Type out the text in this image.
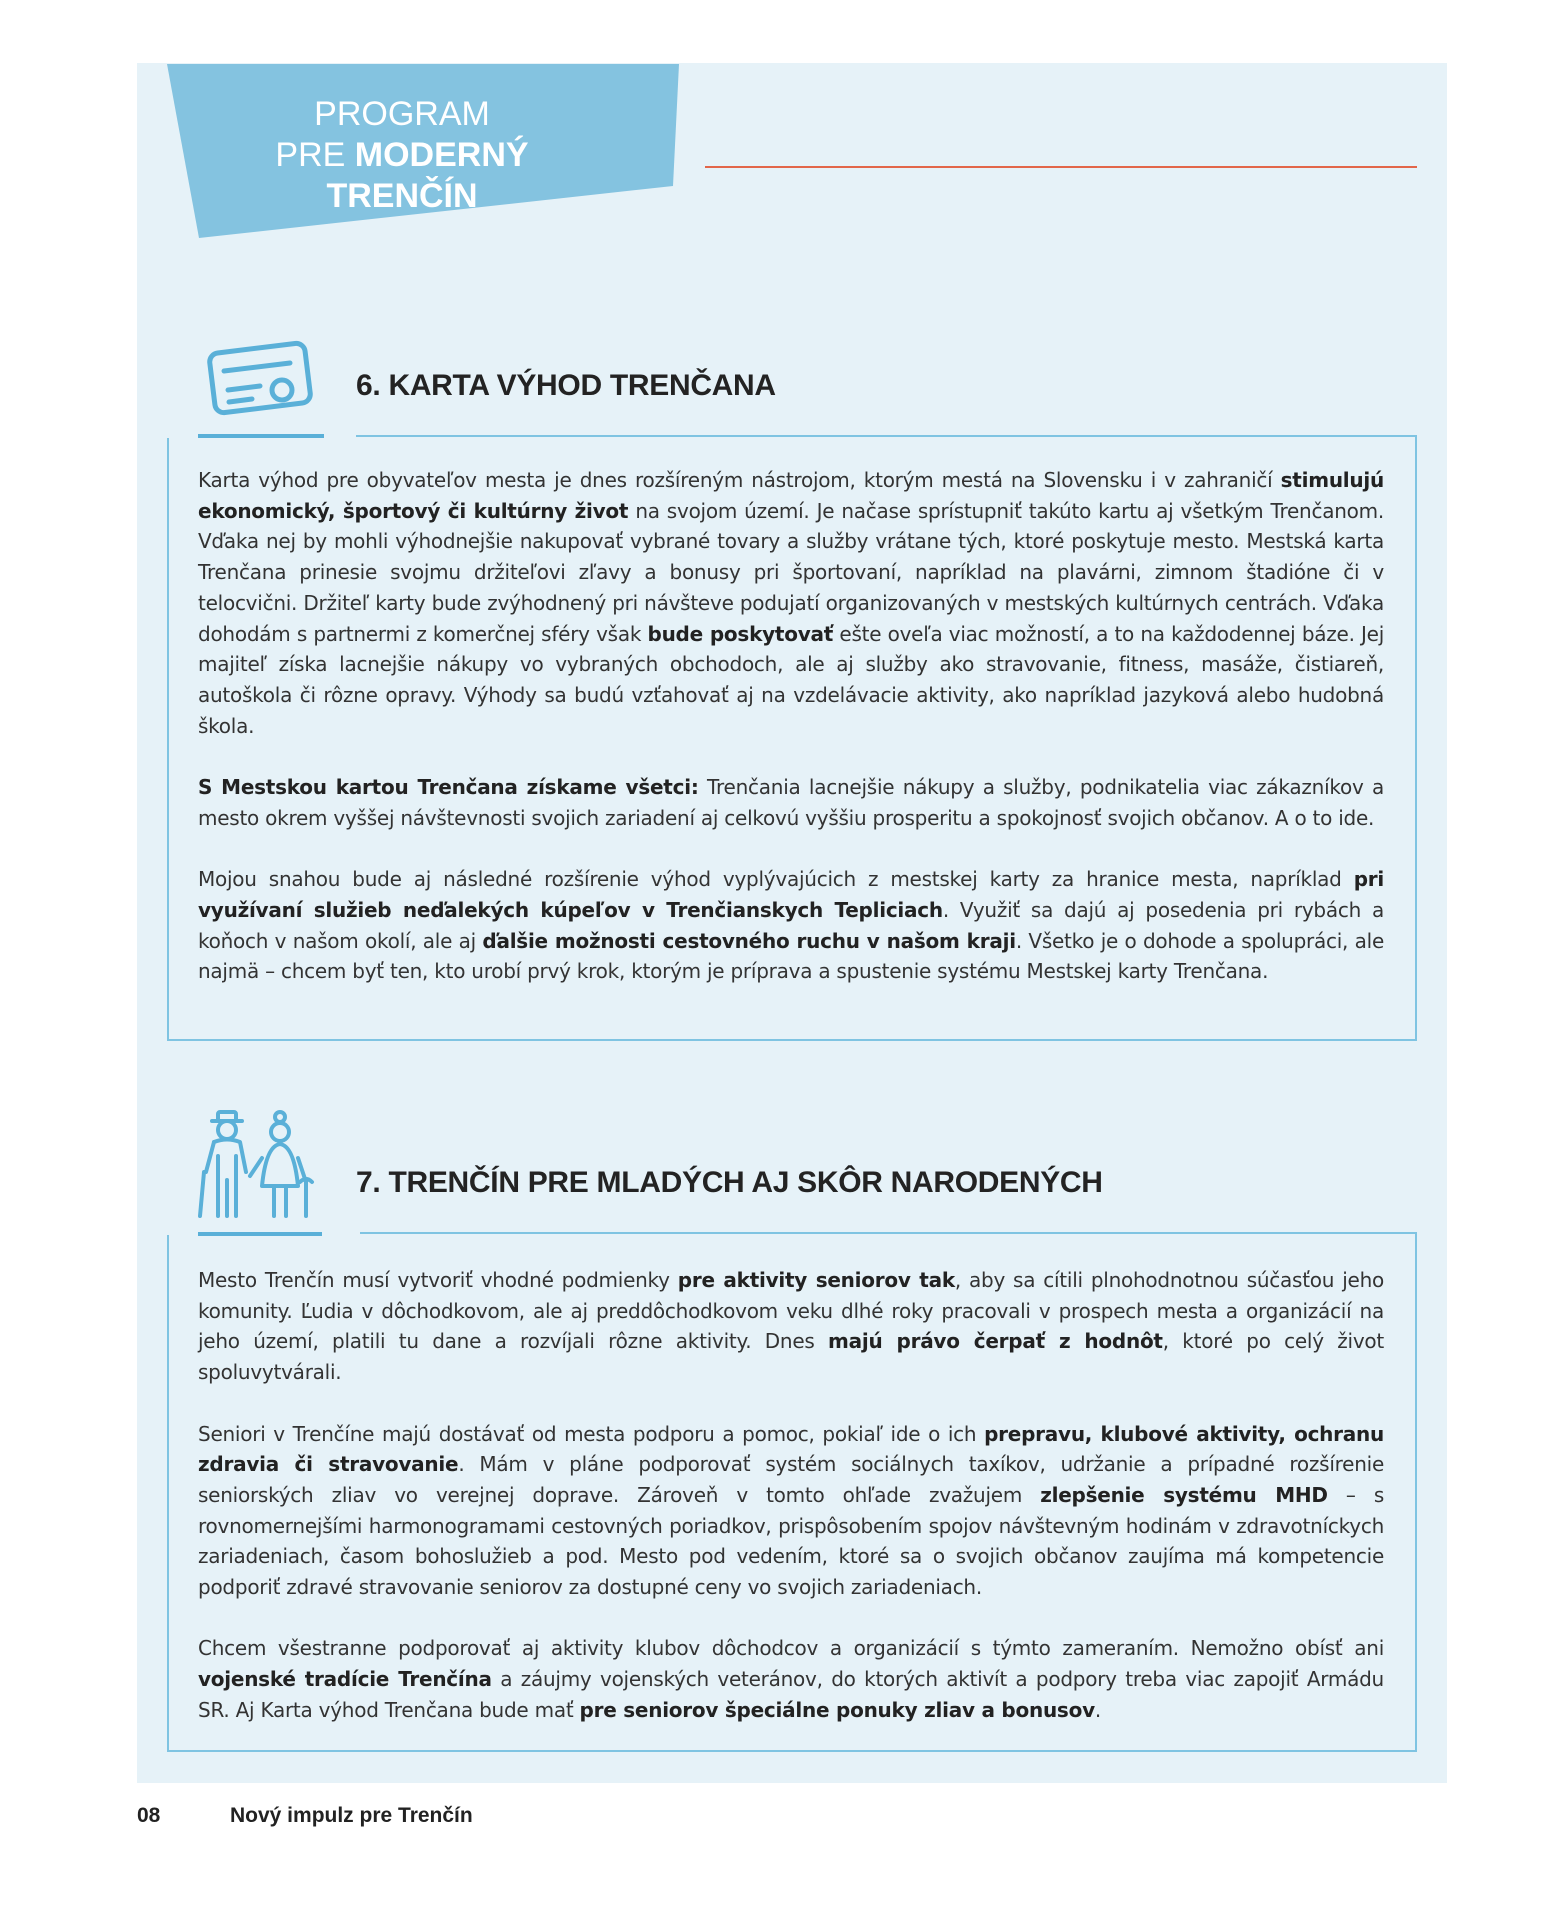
PROGRAM
PRE MODERNÝ TRENČÍN
6. KARTA VÝHOD TRENČANA

Karta výhod pre obyvateľov mesta je dnes rozšíreným nástrojom, ktorým mestá na Slovensku i v zahraničí stimulujú ekonomický, športový či kultúrny život na svojom území. Je načase sprístupniť takúto kartu aj všetkým Trenčanom. Vďaka nej by mohli výhodnejšie nakupovať vybrané tovary a služby vrátane tých, ktoré poskytuje mesto. Mestská karta Trenčana prinesie svojmu držiteľovi zľavy a bonusy pri športovaní, napríklad na plavárni, zimnom štadióne či v telocvični. Držiteľ karty bude zvýhodnený pri návšteve podujatí organizovaných v mestských kultúrnych centrách. Vďaka dohodám s partnermi z komerčnej sféry však bude poskytovať ešte oveľa viac možností, a to na každodennej báze. Jej majiteľ získa lacnejšie nákupy vo vybraných obchodoch, ale aj služby ako stravovanie, fitness, masáže, čistiareň, autoškola či rôzne opravy. Výhody sa budú vzťahovať aj na vzdelávacie aktivity, ako napríklad jazyková alebo hudobná škola.

S Mestskou kartou Trenčana získame všetci: Trenčania lacnejšie nákupy a služby, podnikatelia viac zákazníkov a mesto okrem vyššej návštevnosti svojich zariadení aj celkovú vyššiu prosperitu a spokojnosť svojich občanov. A o to ide.

Mojou snahou bude aj následné rozšírenie výhod vyplývajúcich z mestskej karty za hranice mesta, napríklad pri využívaní služieb neďalekých kúpeľov v Trenčianskych Tepliciach. Využiť sa dajú aj posedenia pri rybách a koňoch v našom okolí, ale aj ďalšie možnosti cestovného ruchu v našom kraji. Všetko je o dohode a spolupráci, ale najmä – chcem byť ten, kto urobí prvý krok, ktorým je príprava a spustenie systému Mestskej karty Trenčana.

7. TRENČÍN PRE MLADÝCH AJ SKÔR NARODENÝCH

Mesto Trenčín musí vytvoriť vhodné podmienky pre aktivity seniorov tak, aby sa cítili plnohodnotnou súčasťou jeho komunity. Ľudia v dôchodkovom, ale aj preddôchodkovom veku dlhé roky pracovali v prospech mesta a organizácií na jeho území, platili tu dane a rozvíjali rôzne aktivity. Dnes majú právo čerpať z hodnôt, ktoré po celý život spoluvytvárali.

Seniori v Trenčíne majú dostávať od mesta podporu a pomoc, pokiaľ ide o ich prepravu, klubové aktivity, ochranu zdravia či stravovanie. Mám v pláne podporovať systém sociálnych taxíkov, udržanie a prípadné rozšírenie seniorských zliav vo verejnej doprave. Zároveň v tomto ohľade zvažujem zlepšenie systému MHD – s rovnomernejšími harmonogramami cestovných poriadkov, prispôsobením spojov návštevným hodinám v zdravotníckych zariadeniach, časom bohoslužieb a pod. Mesto pod vedením, ktoré sa o svojich občanov zaujíma má kompetencie podporiť zdravé stravovanie seniorov za dostupné ceny vo svojich zariadeniach.

Chcem všestranne podporovať aj aktivity klubov dôchodcov a organizácií s týmto zameraním. Nemožno obísť ani vojenské tradície Trenčína a záujmy vojenských veteránov, do ktorých aktivít a podpory treba viac zapojiť Armádu SR. Aj Karta výhod Trenčana bude mať pre seniorov špeciálne ponuky zliav a bonusov.

08	Nový impulz pre Trenčín
